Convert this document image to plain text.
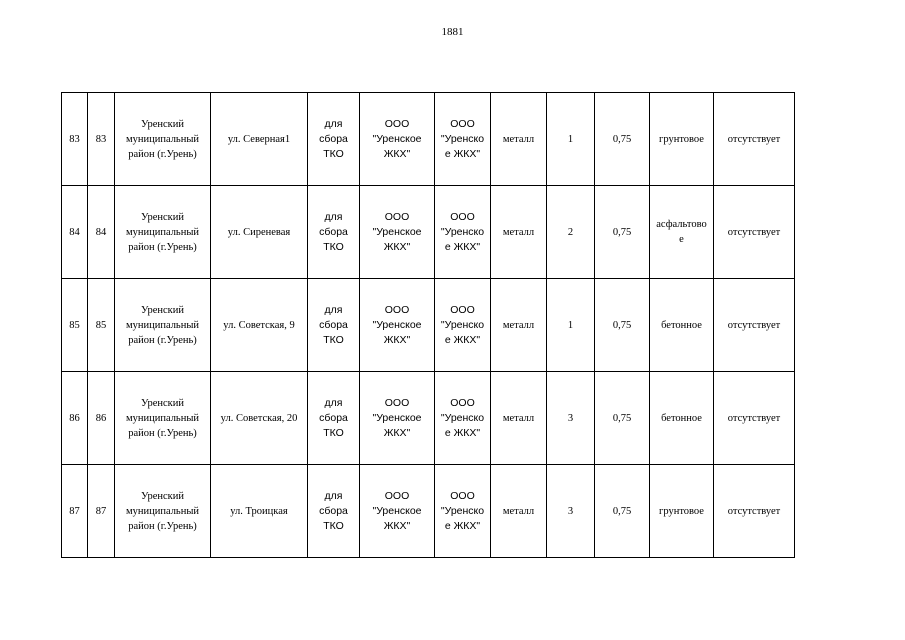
1881
83	83	Уренский
муниципальный
район (г.Урень)	ул. Северная1	для
сбора
ТКО	ООО
"Уренское
ЖКХ"	ООО
"Уренско
е ЖКХ"	металл	1	0,75	грунтовое	отсутствует
84	84	Уренский
муниципальный
район (г.Урень)	ул. Сиреневая	для
сбора
ТКО	ООО
"Уренское
ЖКХ"	ООО
"Уренско
е ЖКХ"	металл	2	0,75	асфальтово
е	отсутствует
85	85	Уренский
муниципальный
район (г.Урень)	ул. Советская, 9	для
сбора
ТКО	ООО
"Уренское
ЖКХ"	ООО
"Уренско
е ЖКХ"	металл	1	0,75	бетонное	отсутствует
86	86	Уренский
муниципальный
район (г.Урень)	ул. Советская, 20	для
сбора
ТКО	ООО
"Уренское
ЖКХ"	ООО
"Уренско
е ЖКХ"	металл	3	0,75	бетонное	отсутствует
87	87	Уренский
муниципальный
район (г.Урень)	ул. Троицкая	для
сбора
ТКО	ООО
"Уренское
ЖКХ"	ООО
"Уренско
е ЖКХ"	металл	3	0,75	грунтовое	отсутствует
